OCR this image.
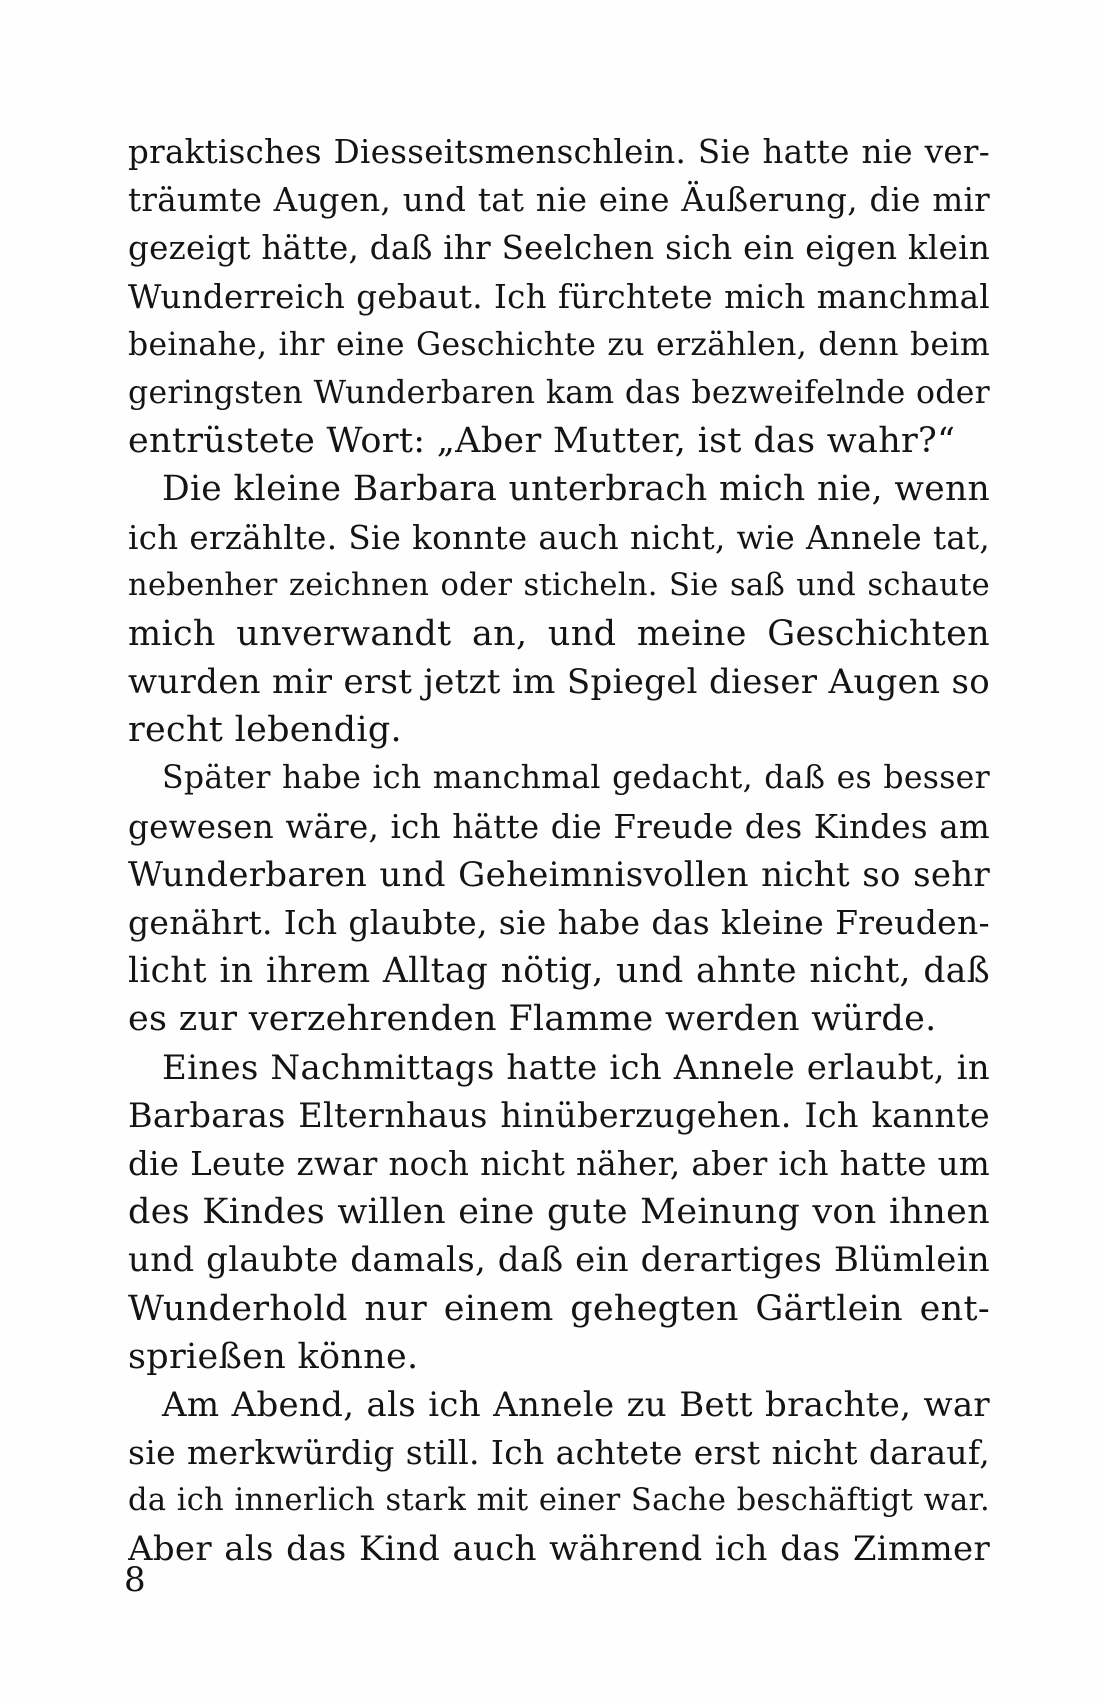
praktisches Diesseitsmenschlein. Sie hatte nie ver-
träumte Augen, und tat nie eine Äußerung, die mir
gezeigt hätte, daß ihr Seelchen sich ein eigen klein
Wunderreich gebaut. Ich fürchtete mich manchmal
beinahe, ihr eine Geschichte zu erzählen, denn beim
geringsten Wunderbaren kam das bezweifelnde oder
entrüstete Wort: „Aber Mutter, ist das wahr?“
Die kleine Barbara unterbrach mich nie, wenn
ich erzählte. Sie konnte auch nicht, wie Annele tat,
nebenher zeichnen oder sticheln. Sie saß und schaute
mich unverwandt an, und meine Geschichten
wurden mir erst jetzt im Spiegel dieser Augen so
recht lebendig.
Später habe ich manchmal gedacht, daß es besser
gewesen wäre, ich hätte die Freude des Kindes am
Wunderbaren und Geheimnisvollen nicht so sehr
genährt. Ich glaubte, sie habe das kleine Freuden-
licht in ihrem Alltag nötig, und ahnte nicht, daß
es zur verzehrenden Flamme werden würde.
Eines Nachmittags hatte ich Annele erlaubt, in
Barbaras Elternhaus hinüberzugehen. Ich kannte
die Leute zwar noch nicht näher, aber ich hatte um
des Kindes willen eine gute Meinung von ihnen
und glaubte damals, daß ein derartiges Blümlein
Wunderhold nur einem gehegten Gärtlein ent-
sprießen könne.
Am Abend, als ich Annele zu Bett brachte, war
sie merkwürdig still. Ich achtete erst nicht darauf,
da ich innerlich stark mit einer Sache beschäftigt war.
Aber als das Kind auch während ich das Zimmer
8
